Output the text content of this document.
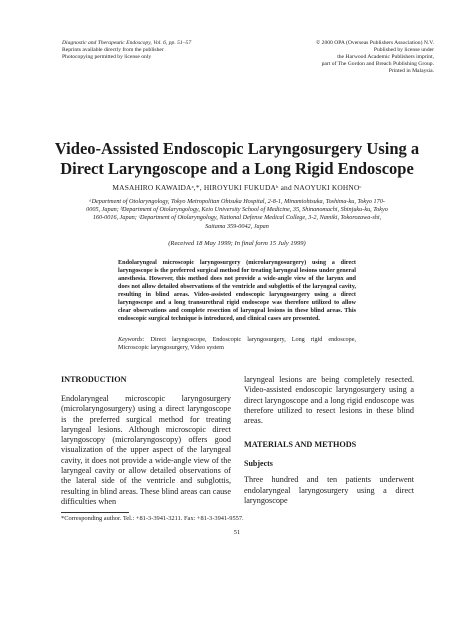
Diagnostic and Therapeutic Endoscopy, Vol. 6, pp. 51–57
Reprints available directly from the publisher
Photocopying permitted by license only
© 2000 OPA (Overseas Publishers Association) N.V.
Published by license under
the Harwood Academic Publishers imprint,
part of The Gordon and Breach Publishing Group.
Printed in Malaysia.
Video-Assisted Endoscopic Laryngosurgery Using a
Direct Laryngoscope and a Long Rigid Endoscope
MASAHIRO KAWAIDAᵃ,*, HIROYUKI FUKUDAᵇ and NAOYUKI KOHNOᶜ
ᵃDepartment of Otolaryngology, Tokyo Metropolitan Ohtsuka Hospital, 2-8-1, Minamiohtsuka, Toshima-ku, Tokyo 170-0005, Japan; ᵇDepartment of Otolaryngology, Keio University School of Medicine, 35, Shinanomachi, Shinjuku-ku, Tokyo 160-0016, Japan; ᶜDepartment of Otolaryngology, National Defense Medical College, 3-2, Namiki, Tokorozawa-shi, Saitama 359-0042, Japan
(Received 18 May 1999; In final form 15 July 1999)
Endolaryngeal microscopic laryngosurgery (microlaryngosurgery) using a direct laryngoscope is the preferred surgical method for treating laryngeal lesions under general anesthesia. However, this method does not provide a wide-angle view of the larynx and does not allow detailed observations of the ventricle and subglottis of the laryngeal cavity, resulting in blind areas. Video-assisted endoscopic laryngosurgery using a direct laryngoscope and a long transurethral rigid endoscope was therefore utilized to allow clear observations and complete resection of laryngeal lesions in these blind areas. This endoscopic surgical technique is introduced, and clinical cases are presented.
Keywords: Direct laryngoscope, Endoscopic laryngosurgery, Long rigid endoscope, Microscopic laryngosurgery, Video system
INTRODUCTION

Endolaryngeal microscopic laryngosurgery (microlaryngosurgery) using a direct laryngoscope is the preferred surgical method for treating laryngeal lesions. Although microscopic direct laryngoscopy (microlaryngoscopy) offers good visualization of the upper aspect of the laryngeal cavity, it does not provide a wide-angle view of the laryngeal cavity or allow detailed observations of the lateral side of the ventricle and subglottis, resulting in blind areas. These blind areas can cause difficulties when

laryngeal lesions are being completely resected. Video-assisted endoscopic laryngosurgery using a direct laryngoscope and a long rigid endoscope was therefore utilized to resect lesions in these blind areas.

MATERIALS AND METHODS
Subjects

Three hundred and ten patients underwent endolaryngeal laryngosurgery using a direct laryngoscope

*Corresponding author. Tel.: +81-3-3941-3211. Fax: +81-3-3941-9557.
51
